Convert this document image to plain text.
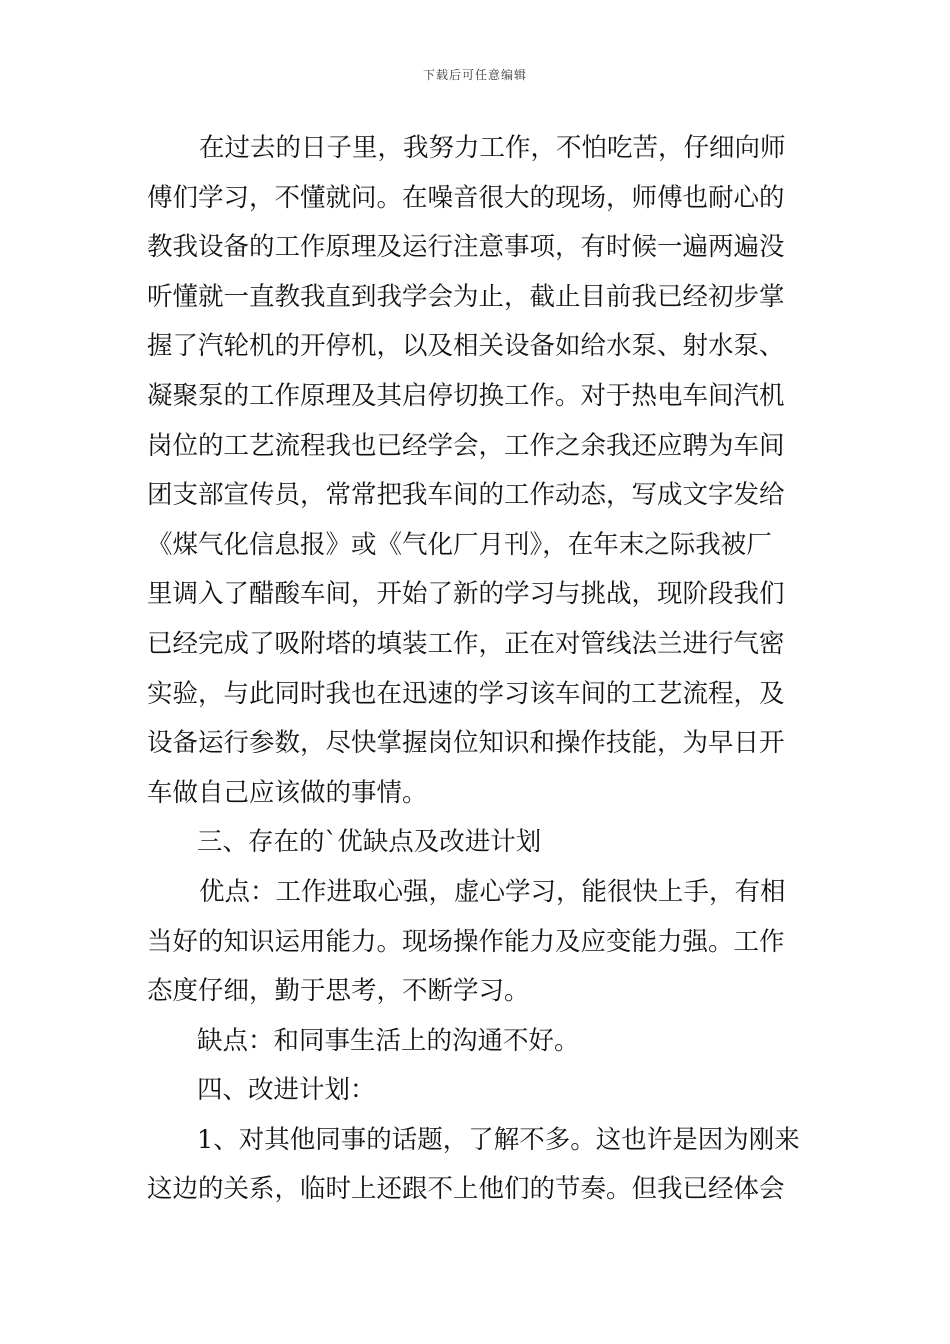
下载后可任意编辑
在过去的日子里，我努力工作，不怕吃苦，仔细向师
傅们学习，不懂就问。在噪音很大的现场，师傅也耐心的
教我设备的工作原理及运行注意事项，有时候一遍两遍没
听懂就一直教我直到我学会为止，截止目前我已经初步掌
握了汽轮机的开停机，以及相关设备如给水泵、射水泵、
凝聚泵的工作原理及其启停切换工作。对于热电车间汽机
岗位的工艺流程我也已经学会，工作之余我还应聘为车间
团支部宣传员，常常把我车间的工作动态，写成文字发给
《煤气化信息报》或《气化厂月刊》，在年末之际我被厂
里调入了醋酸车间，开始了新的学习与挑战，现阶段我们
已经完成了吸附塔的填装工作，正在对管线法兰进行气密
实验，与此同时我也在迅速的学习该车间的工艺流程，及
设备运行参数，尽快掌握岗位知识和操作技能，为早日开
车做自己应该做的事情。
三、存在的`优缺点及改进计划
优点：工作进取心强，虚心学习，能很快上手，有相
当好的知识运用能力。现场操作能力及应变能力强。工作
态度仔细，勤于思考，不断学习。
缺点：和同事生活上的沟通不好。
四、改进计划：
1、对其他同事的话题，了解不多。这也许是因为刚来
这边的关系，临时上还跟不上他们的节奏。但我已经体会
